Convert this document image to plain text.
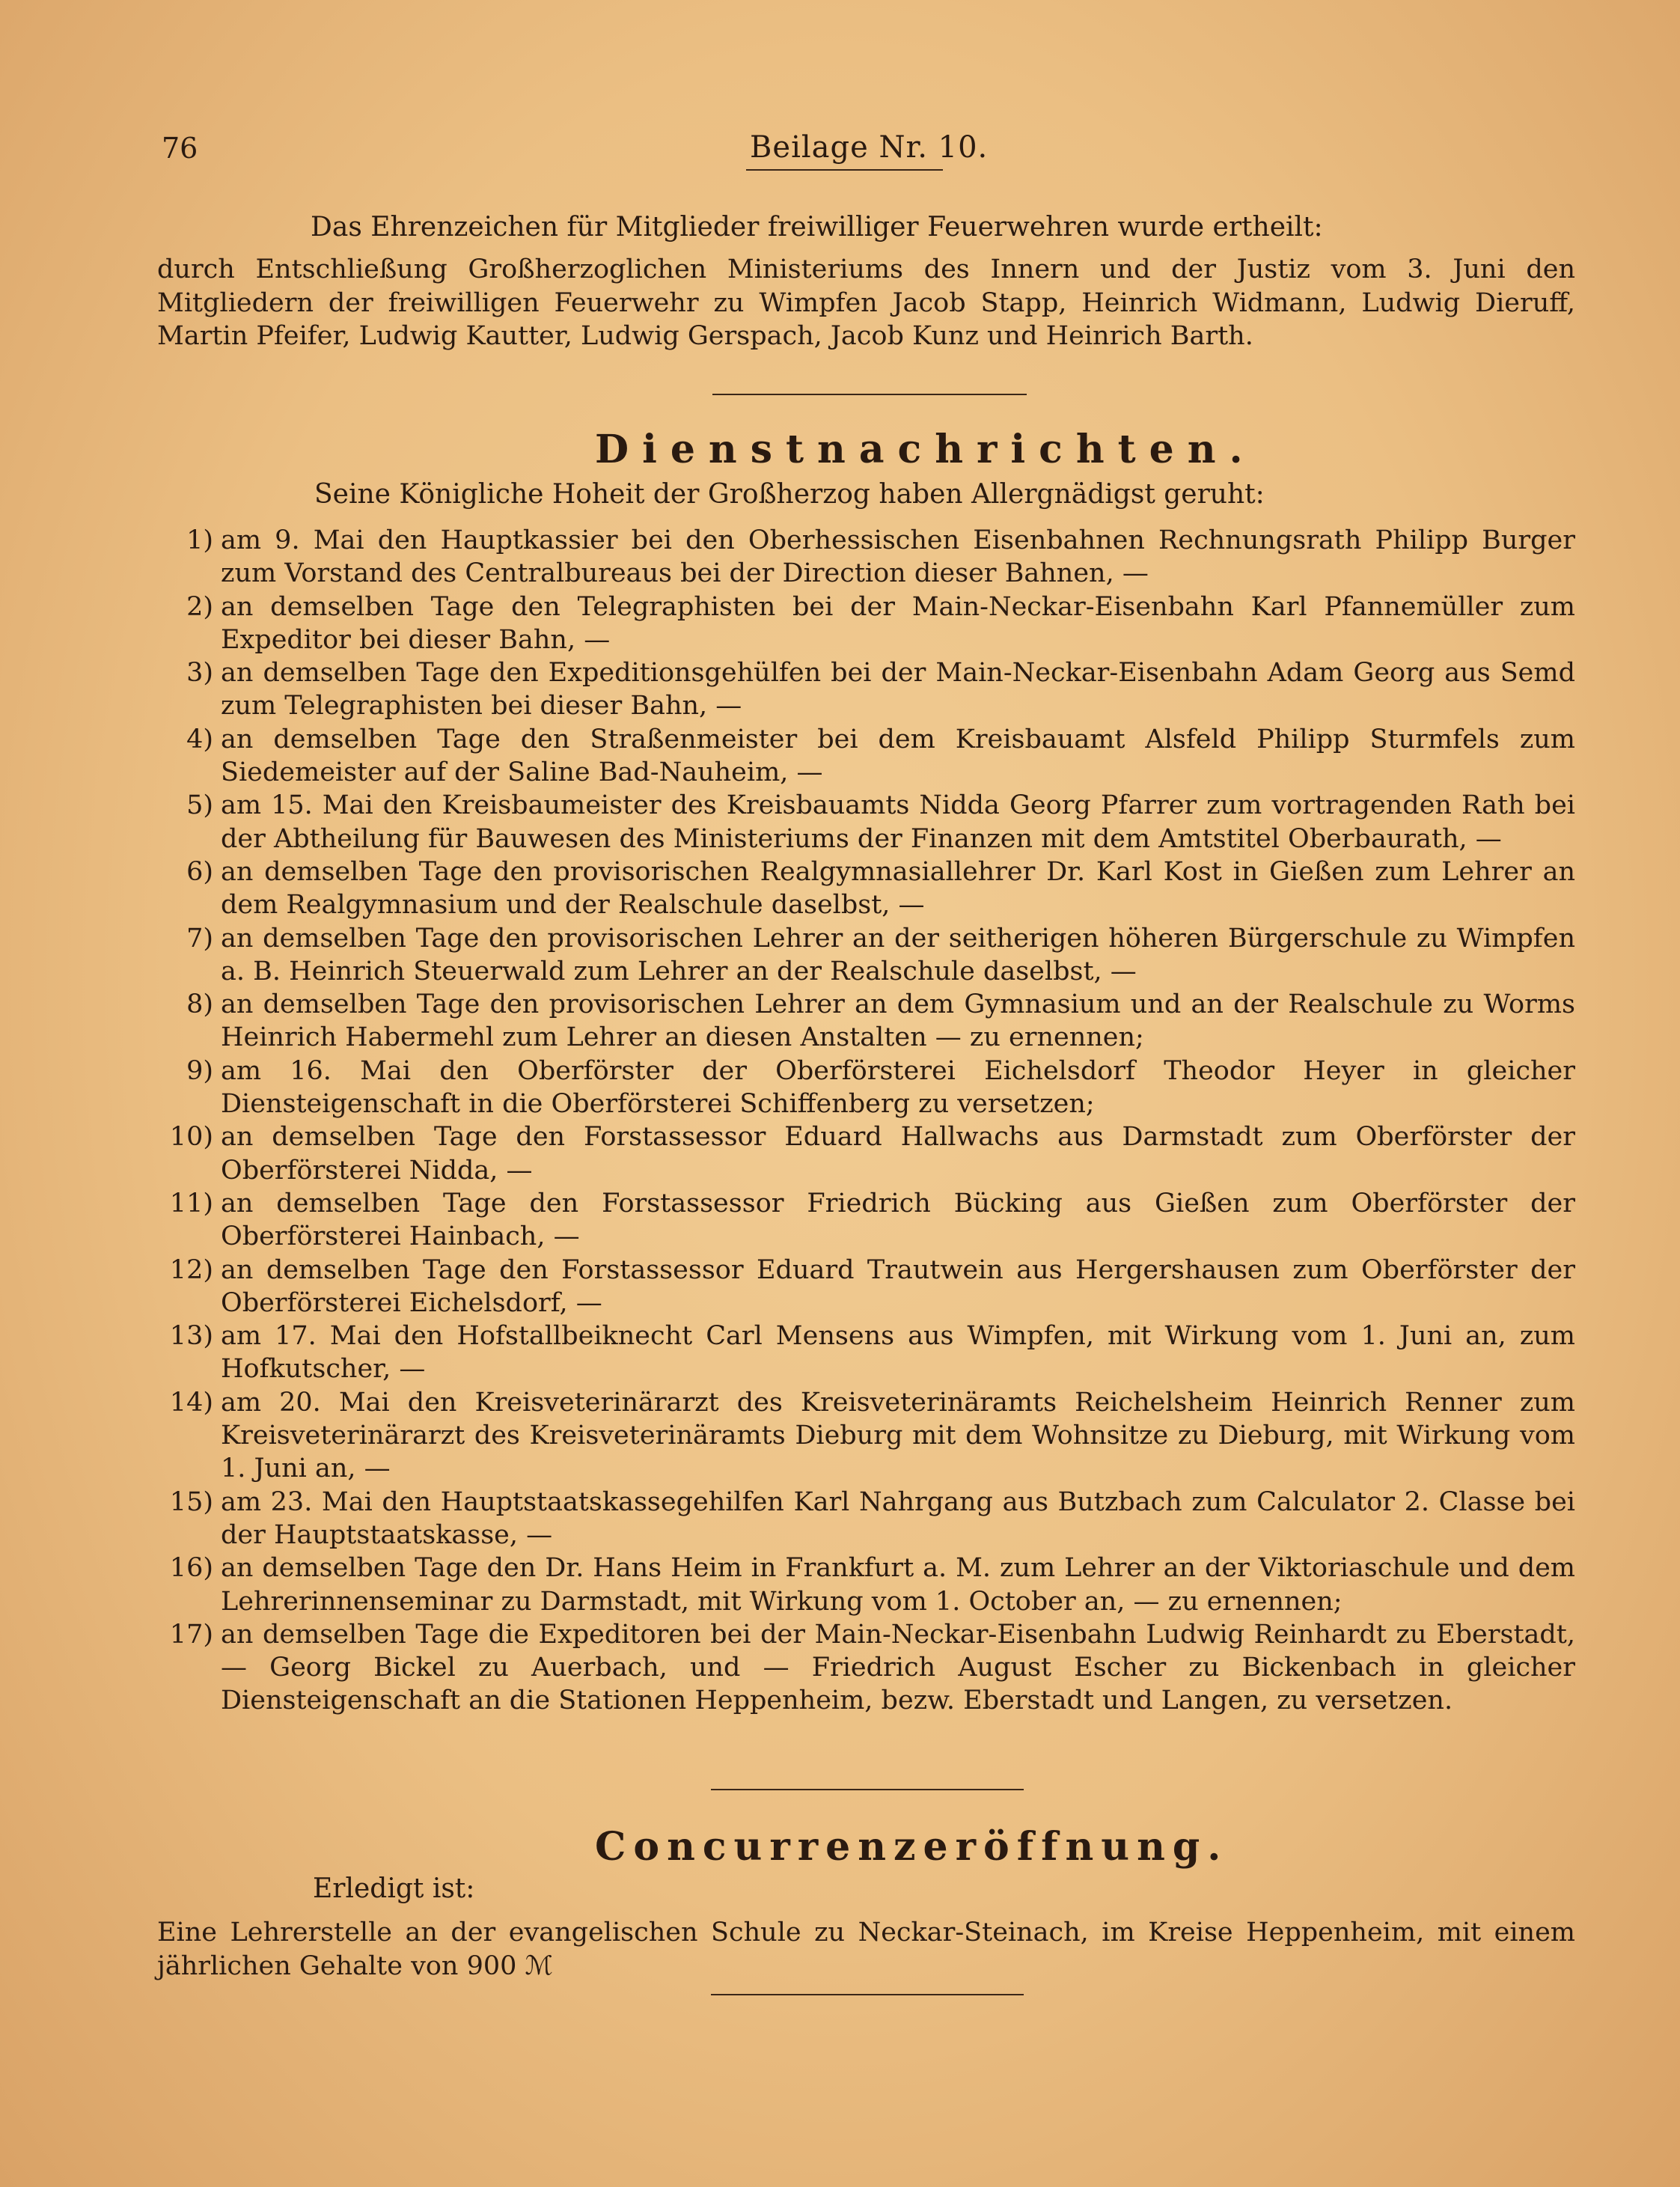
76	Beilage Nr. 10.
Das Ehrenzeichen für Mitglieder freiwilliger Feuerwehren wurde ertheilt:
durch Entschließung Großherzoglichen Ministeriums des Innern und der Justiz vom 3. Juni den Mitgliedern der freiwilligen Feuerwehr zu Wimpfen Jacob Stapp, Heinrich Widmann, Ludwig Dieruff, Martin Pfeifer, Ludwig Kautter, Ludwig Gerspach, Jacob Kunz und Heinrich Barth.
Dienstnachrichten.
Seine Königliche Hoheit der Großherzog haben Allergnädigst geruht:
1) am 9. Mai den Hauptkassier bei den Oberhessischen Eisenbahnen Rechnungsrath Philipp Burger zum Vorstand des Centralbureaus bei der Direction dieser Bahnen, —
2) an demselben Tage den Telegraphisten bei der Main-Neckar-Eisenbahn Karl Pfannemüller zum Expeditor bei dieser Bahn, —
3) an demselben Tage den Expeditionsgehülfen bei der Main-Neckar-Eisenbahn Adam Georg aus Semd zum Telegraphisten bei dieser Bahn, —
4) an demselben Tage den Straßenmeister bei dem Kreisbauamt Alsfeld Philipp Sturmfels zum Siedemeister auf der Saline Bad-Nauheim, —
5) am 15. Mai den Kreisbaumeister des Kreisbauamts Nidda Georg Pfarrer zum vortragenden Rath bei der Abtheilung für Bauwesen des Ministeriums der Finanzen mit dem Amtstitel Oberbaurath, —
6) an demselben Tage den provisorischen Realgymnasiallehrer Dr. Karl Kost in Gießen zum Lehrer an dem Realgymnasium und der Realschule daselbst, —
7) an demselben Tage den provisorischen Lehrer an der seitherigen höheren Bürgerschule zu Wimpfen a. B. Heinrich Steuerwald zum Lehrer an der Realschule daselbst, —
8) an demselben Tage den provisorischen Lehrer an dem Gymnasium und an der Realschule zu Worms Heinrich Habermehl zum Lehrer an diesen Anstalten — zu ernennen;
9) am 16. Mai den Oberförster der Oberförsterei Eichelsdorf Theodor Heyer in gleicher Diensteigenschaft in die Oberförsterei Schiffenberg zu versetzen;
10) an demselben Tage den Forstassessor Eduard Hallwachs aus Darmstadt zum Oberförster der Oberförsterei Nidda, —
11) an demselben Tage den Forstassessor Friedrich Bücking aus Gießen zum Oberförster der Oberförsterei Hainbach, —
12) an demselben Tage den Forstassessor Eduard Trautwein aus Hergershausen zum Oberförster der Oberförsterei Eichelsdorf, —
13) am 17. Mai den Hofstallbeiknecht Carl Mensens aus Wimpfen, mit Wirkung vom 1. Juni an, zum Hofkutscher, —
14) am 20. Mai den Kreisveterinärarzt des Kreisveterinäramts Reichelsheim Heinrich Renner zum Kreisveterinärarzt des Kreisveterinäramts Dieburg mit dem Wohnsitze zu Dieburg, mit Wirkung vom 1. Juni an, —
15) am 23. Mai den Hauptstaatskassegehilfen Karl Nahrgang aus Butzbach zum Calculator 2. Classe bei der Hauptstaatskasse, —
16) an demselben Tage den Dr. Hans Heim in Frankfurt a. M. zum Lehrer an der Viktoriaschule und dem Lehrerinnenseminar zu Darmstadt, mit Wirkung vom 1. October an, — zu ernennen;
17) an demselben Tage die Expeditoren bei der Main-Neckar-Eisenbahn Ludwig Reinhardt zu Eberstadt, — Georg Bickel zu Auerbach, und — Friedrich August Escher zu Bickenbach in gleicher Diensteigenschaft an die Stationen Heppenheim, bezw. Eberstadt und Langen, zu versetzen.
Concurrenzeröffnung.
Erledigt ist:
Eine Lehrerstelle an der evangelischen Schule zu Neckar-Steinach, im Kreise Heppenheim, mit einem jährlichen Gehalte von 900 ℳ
